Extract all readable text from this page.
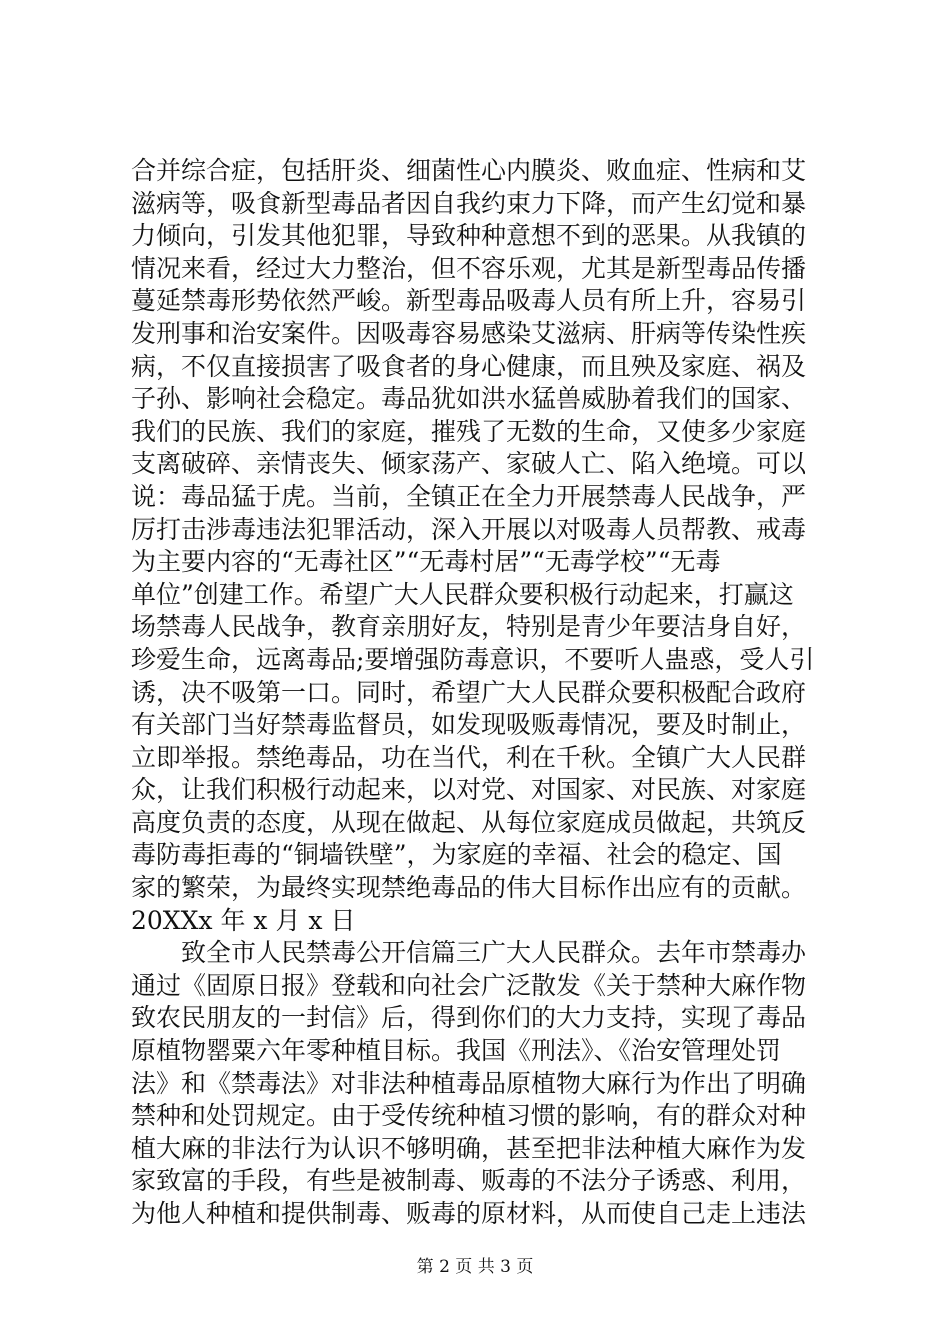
合并综合症，包括肝炎、细菌性心内膜炎、败血症、性病和艾
滋病等，吸食新型毒品者因自我约束力下降，而产生幻觉和暴
力倾向，引发其他犯罪，导致种种意想不到的恶果。从我镇的
情况来看，经过大力整治，但不容乐观，尤其是新型毒品传播
蔓延禁毒形势依然严峻。新型毒品吸毒人员有所上升，容易引
发刑事和治安案件。因吸毒容易感染艾滋病、肝病等传染性疾
病，不仅直接损害了吸食者的身心健康，而且殃及家庭、祸及
子孙、影响社会稳定。毒品犹如洪水猛兽威胁着我们的国家、
我们的民族、我们的家庭，摧残了无数的生命，又使多少家庭
支离破碎、亲情丧失、倾家荡产、家破人亡、陷入绝境。可以
说：毒品猛于虎。当前，全镇正在全力开展禁毒人民战争，严
厉打击涉毒违法犯罪活动，深入开展以对吸毒人员帮教、戒毒
为主要内容的“无毒社区”“无毒村居”“无毒学校”“无毒
单位”创建工作。希望广大人民群众要积极行动起来，打赢这
场禁毒人民战争，教育亲朋好友，特别是青少年要洁身自好，
珍爱生命，远离毒品;要增强防毒意识，不要听人蛊惑，受人引
诱，决不吸第一口。同时，希望广大人民群众要积极配合政府
有关部门当好禁毒监督员，如发现吸贩毒情况，要及时制止，
立即举报。禁绝毒品，功在当代，利在千秋。全镇广大人民群
众，让我们积极行动起来，以对党、对国家、对民族、对家庭
高度负责的态度，从现在做起、从每位家庭成员做起，共筑反
毒防毒拒毒的“铜墙铁壁”，为家庭的幸福、社会的稳定、国
家的繁荣，为最终实现禁绝毒品的伟大目标作出应有的贡献。
20XXx 年 x 月 x 日
　　致全市人民禁毒公开信篇三广大人民群众。去年市禁毒办
通过《固原日报》登载和向社会广泛散发《关于禁种大麻作物
致农民朋友的一封信》后，得到你们的大力支持，实现了毒品
原植物罂粟六年零种植目标。我国《刑法》、《治安管理处罚
法》和《禁毒法》对非法种植毒品原植物大麻行为作出了明确
禁种和处罚规定。由于受传统种植习惯的影响，有的群众对种
植大麻的非法行为认识不够明确，甚至把非法种植大麻作为发
家致富的手段，有些是被制毒、贩毒的不法分子诱惑、利用，
为他人种植和提供制毒、贩毒的原材料，从而使自己走上违法
第 2 页 共 3 页
